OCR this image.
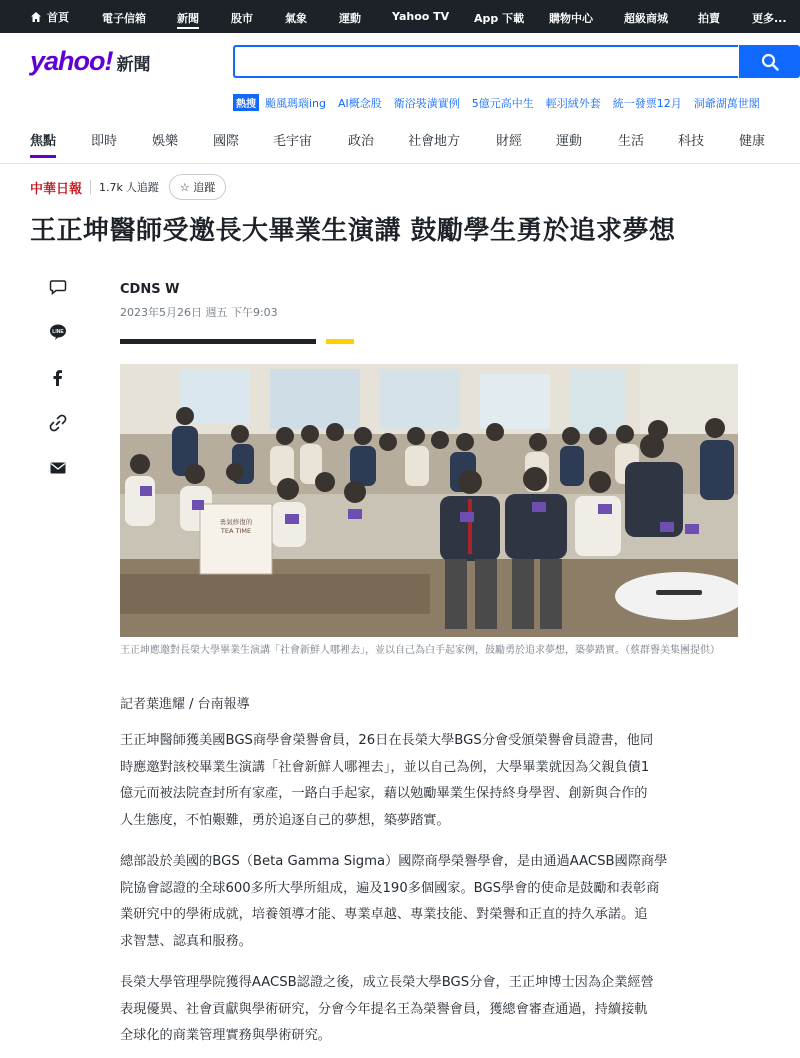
首頁	電子信箱	新聞	股市	氣象	運動	Yahoo TV App 下載 購物中心	超級商城	拍賣	更多...
yahoo! 新聞
熱搜 颱風瑪瑙ing AI概念股 衛浴裝潢實例 5億元高中生 輕羽絨外套 統一發票12月 洞爺湖萬世閣
焦點	即時	娛樂	國際	毛宇宙	政治	社會地方	財經	運動	生活	科技	健康
中華日報 1.7k 人追蹤	☆ 追蹤
王正坤醫師受邀長大畢業生演講 鼓勵學生勇於追求夢想
LINE
CDNS W
2023年5月26日 週五 下午9:03
勇氣修復的 TEA TIME
王正坤應邀對長榮大學畢業生演講「社會新鮮人哪裡去」，並以自己為白手起家例，鼓勵勇於追求夢想，築夢踏實。（蔡群譽美集團提供）
記者葉進耀 / 台南報導

王正坤醫師獲美國BGS商學會榮譽會員，26日在長榮大學BGS分會受頒榮譽會員證書，他同
時應邀對該校畢業生演講「社會新鮮人哪裡去」，並以自己為例，大學畢業就因為父親負債1
億元而被法院查封所有家產，一路白手起家，藉以勉勵畢業生保持終身學習、創新與合作的
人生態度，不怕艱難，勇於追逐自己的夢想，築夢踏實。

總部設於美國的BGS（Beta Gamma Sigma）國際商學榮譽學會，是由通過AACSB國際商學
院協會認證的全球600多所大學所組成，遍及190多個國家。BGS學會的使命是鼓勵和表彰商
業研究中的學術成就，培養領導才能、專業卓越、專業技能、對榮譽和正直的持久承諾。追
求智慧、認真和服務。

長榮大學管理學院獲得AACSB認證之後，成立長榮大學BGS分會，王正坤博士因為企業經營
表現優異、社會貢獻與學術研究，分會今年提名王為榮譽會員，獲總會審查通過，持續接軌
全球化的商業管理實務與學術研究。
